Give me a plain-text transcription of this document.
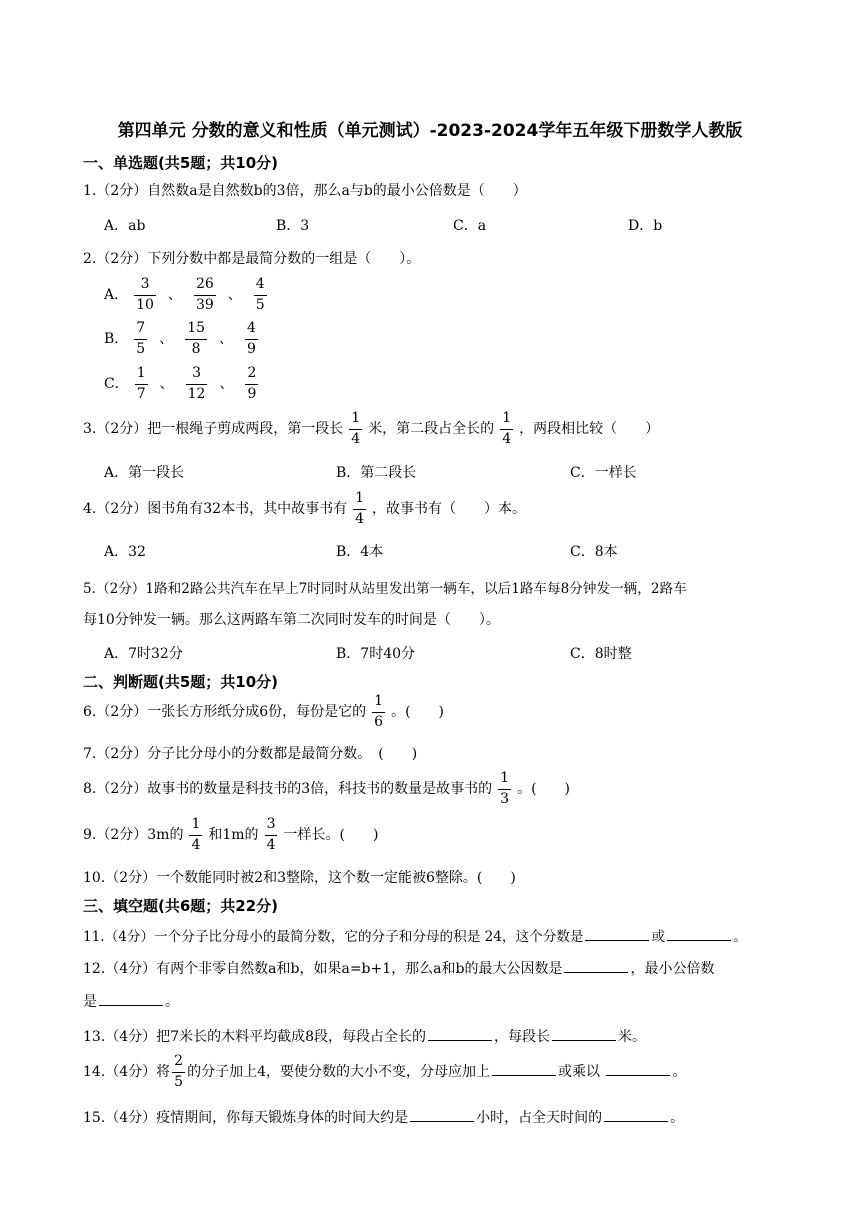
第四单元 分数的意义和性质（单元测试）-2023-2024学年五年级下册数学人教版
一、单选题(共5题；共10分)
1.（2分）自然数a是自然数b的3倍，那么a与b的最小公倍数是（　　）
A．ab	B．3	C．a	D．b
2.（2分）下列分数中都是最简分数的一组是（　　）。
A． $\frac{3}{10}$ 、 $\frac{26}{39}$ 、 $\frac{4}{5}$
B． $\frac{7}{5}$ 、 $\frac{15}{8}$ 、 $\frac{4}{9}$
C． $\frac{1}{7}$ 、 $\frac{3}{12}$ 、 $\frac{2}{9}$
3.（2分）把一根绳子剪成两段，第一段长 $\frac{1}{4}$ 米，第二段占全长的 $\frac{1}{4}$ ，两段相比较（　　）
A．第一段长	B．第二段长	C．一样长
4.（2分）图书角有32本书，其中故事书有 $\frac{1}{4}$ ，故事书有（　　）本。
A．32	B．4本	C．8本
5.（2分）1路和2路公共汽车在早上7时同时从站里发出第一辆车，以后1路车每8分钟发一辆，2路车
每10分钟发一辆。那么这两路车第二次同时发车的时间是（　　）。
A．7时32分	B．7时40分	C．8时整
二、判断题(共5题；共10分)
6.（2分）一张长方形纸分成6份，每份是它的 $\frac{1}{6}$ 。(　　)
7.（2分）分子比分母小的分数都是最简分数。　(　　)
8.（2分）故事书的数量是科技书的3倍，科技书的数量是故事书的 $\frac{1}{3}$ 。(　　)
9.（2分）3m的 $\frac{1}{4}$ 和1m的 $\frac{3}{4}$ 一样长。(　　)
10.（2分）一个数能同时被2和3整除，这个数一定能被6整除。(　　)
三、填空题(共6题；共22分)
11.（4分）一个分子比分母小的最简分数，它的分子和分母的积是 24，这个分数是	或	。
12.（4分）有两个非零自然数a和b，如果a=b+1，那么a和b的最大公因数是	，最小公倍数
是	。
13.（4分）把7米长的木料平均截成8段，每段占全长的	，每段长	米。
14.（4分）将 $\frac{2}{5}$ 的分子加上4，要使分数的大小不变，分母应加上	或乘以	。
15.（4分）疫情期间，你每天锻炼身体的时间大约是	小时，占全天时间的	。
